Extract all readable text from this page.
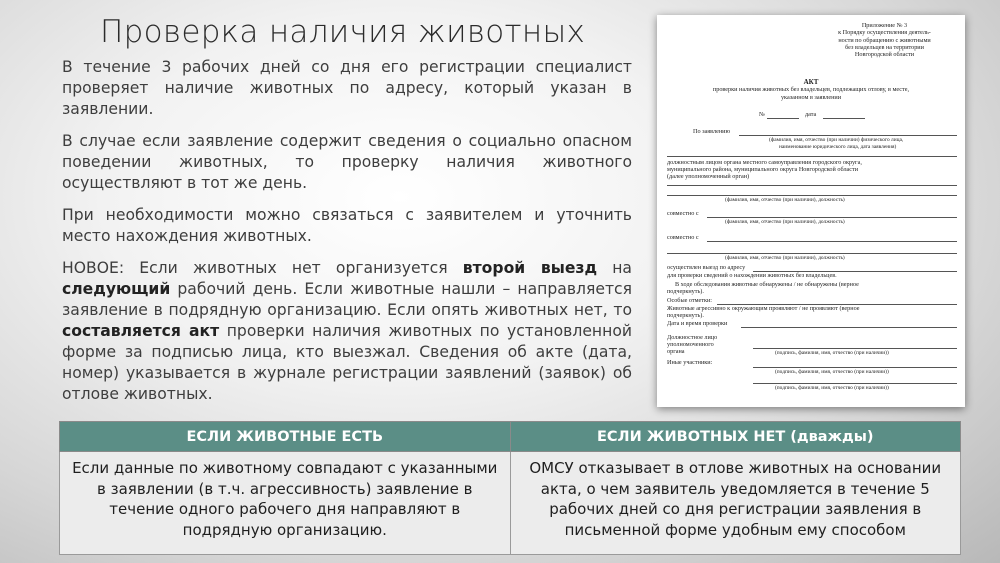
Проверка наличия животных

В течение 3 рабочих дней со дня его регистрации специалист проверяет наличие животных по адресу, который указан в заявлении.

В случае если заявление содержит сведения о социально опасном поведении животных, то проверку наличия животного осуществляют в тот же день.

При необходимости можно связаться с заявителем и уточнить место нахождения животных.

НОВОЕ: Если животных нет организуется второй выезд на следующий рабочий день. Если животные нашли – направляется заявление в подрядную организацию. Если опять животных нет, то составляется акт проверки наличия животных по установленной форме за подписью лица, кто выезжал. Сведения об акте (дата, номер) указывается в журнале регистрации заявлений (заявок) об отлове животных.

Приложение № 3
к Порядку осуществления деятель-
ности по обращению с животными
без владельцев на территории
Новгородской области
АКТ
проверки наличия животных без владельцев, подлежащих отлову, в месте,
указанном в заявлении
№	дата
По заявлению
(фамилия, имя, отчество (при наличии) физического лица,
наименование юридического лица, дата заявления)
должностным лицом органа местного самоуправления городского округа,
муниципального района, муниципального округа Новгородской области
(далее уполномоченный орган)
(фамилия, имя, отчество (при наличии), должность)
совместно с
(фамилия, имя, отчество (при наличии), должность)
совместно с
(фамилия, имя, отчество (при наличии), должность)
осуществлен выезд по адресу
для проверки сведений о нахождении животных без владельцев.
В ходе обследования животные обнаружены / не обнаружены (верное
подчеркнуть).
Особые отметки:
Животные агрессивно к окружающим проявляют / не проявляют (верное
подчеркнуть).
Дата и время проверки
Должностное лицо
уполномоченного
органа	(подпись, фамилия, имя, отчество (при наличии))
Иные участники:
(подпись, фамилия, имя, отчество (при наличии))
(подпись, фамилия, имя, отчество (при наличии))
ЕСЛИ ЖИВОТНЫЕ ЕСТЬ	ЕСЛИ ЖИВОТНЫХ НЕТ (дважды)
Если данные по животному совпадают с указанными в заявлении (в т.ч. агрессивность) заявление в течение одного рабочего дня направляют в подрядную организацию.	ОМСУ отказывает в отлове животных на основании акта, о чем заявитель уведомляется в течение 5 рабочих дней со дня регистрации заявления в письменной форме удобным ему способом
